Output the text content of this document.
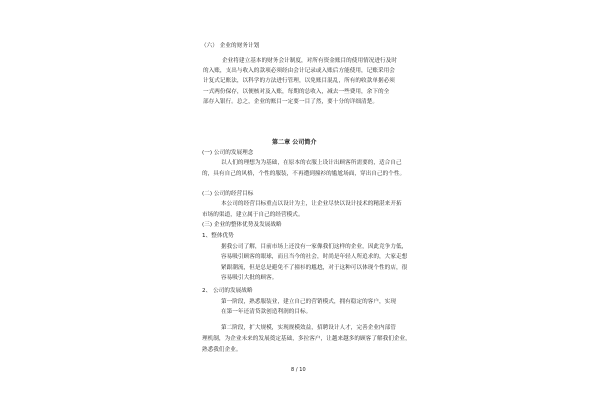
（六） 企业的财务计划

企业将建立基本的财务会计制度，对所有资金账目的使用情况进行及时

的入账，支出与收入的款项必须经由会计记录或入账后方能使用，记账采用会

计复式记账法，以科学的方法进行管理，以免账目混乱，所有的收款单据必须

一式两份保存，以便核对及入账，每期的总收入，减去一些费用，余下的全

部存入银行。总之，企业的账目一定要一目了然，要十分的详细清楚。

第二章 公司简介

(一) 公司的发展理念

以人们的理想为为基础，在原本的衣服上设计出顾客所需要的，适合自己

的，具有自己的风格，个性的服装，不再遭到撞衫的尴尬场面，穿出自己的个性。

(二) 公司的经营目标

本公司的经营目标重点以设计为主，让企业尽快以设计技术的精湛来开拓

市场的渠道，建立属于自己的经营模式。

(三) 企业的整体优势及发展战略

1、整体优势

据我公司了解，目前市场上还没有一家像我们这样的企业，因此竞争力低，

容易吸引顾客的眼球，而且当今的社会，时尚是年轻人所追求的，大家走想

紧跟潮流，但是总是避免不了撞衫的尴尬，对于这种可以体现个性的店，很

容易吸引大批的顾客。

2、 公司的发展战略

第一阶段，熟悉服装业，建立自己的营销模式，拥有稳定的客户，实现

在第一年还清贷款创造利润的目标。

第二阶段，扩大规模，实现规模效益，招聘设计人才，完善企业内部管

理机制，为企业未来的发展奠定基础，多拉客户，让越来越多的顾客了解我们企业，

熟悉我们企业。

8 / 10
